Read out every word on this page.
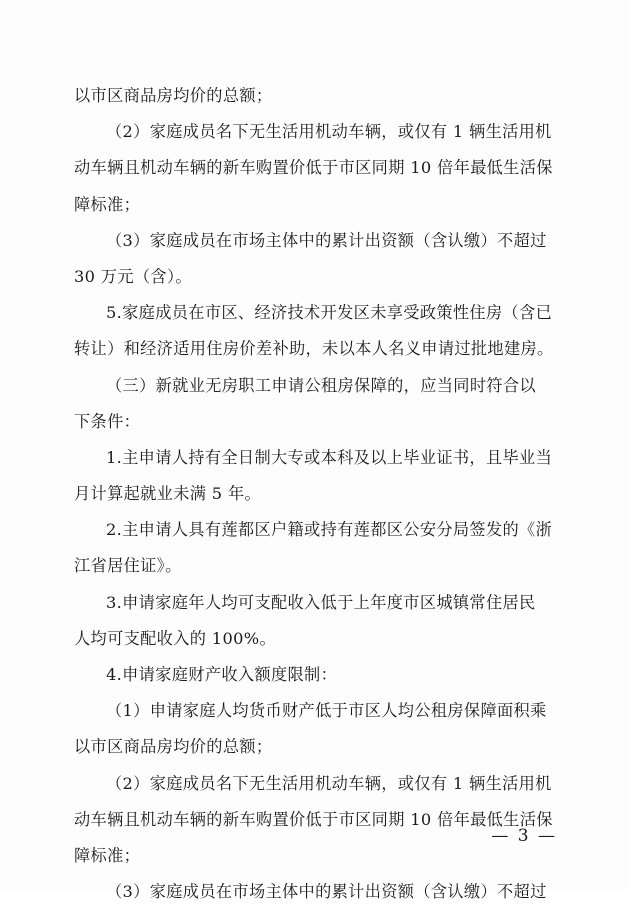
以市区商品房均价的总额；
（2）家庭成员名下无生活用机动车辆，或仅有 1 辆生活用机
动车辆且机动车辆的新车购置价低于市区同期 10 倍年最低生活保
障标准；
（3）家庭成员在市场主体中的累计出资额（含认缴）不超过
30 万元（含）。
5.家庭成员在市区、经济技术开发区未享受政策性住房（含已
转让）和经济适用住房价差补助，未以本人名义申请过批地建房。
（三）新就业无房职工申请公租房保障的，应当同时符合以
下条件：
1.主申请人持有全日制大专或本科及以上毕业证书，且毕业当
月计算起就业未满 5 年。
2.主申请人具有莲都区户籍或持有莲都区公安分局签发的《浙
江省居住证》。
3.申请家庭年人均可支配收入低于上年度市区城镇常住居民
人均可支配收入的 100%。
4.申请家庭财产收入额度限制：
（1）申请家庭人均货币财产低于市区人均公租房保障面积乘
以市区商品房均价的总额；
（2）家庭成员名下无生活用机动车辆，或仅有 1 辆生活用机
动车辆且机动车辆的新车购置价低于市区同期 10 倍年最低生活保
障标准；
（3）家庭成员在市场主体中的累计出资额（含认缴）不超过
— 3 —
